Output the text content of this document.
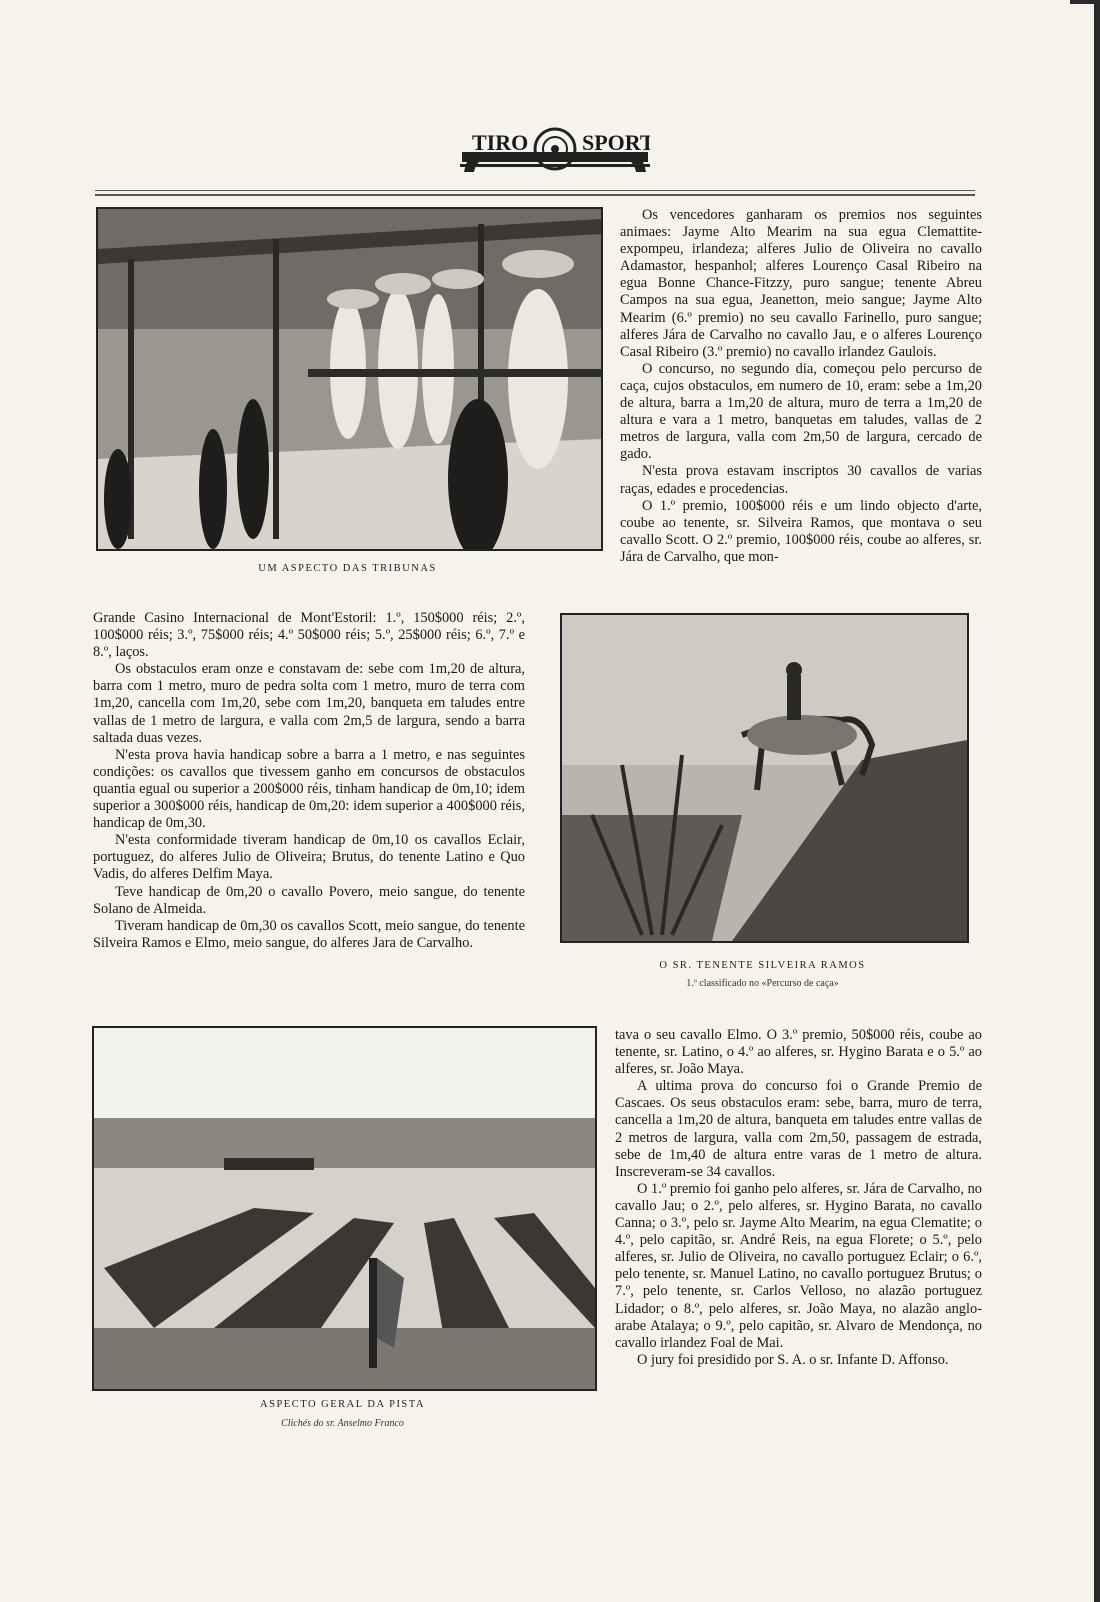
TIRO SPORT
UM ASPECTO DAS TRIBUNAS

Os vencedores ganharam os premios nos seguintes animaes: Jayme Alto Mearim na sua egua Clemattite-expompeu, irlandeza; alferes Julio de Oliveira no cavallo Adamastor, hespanhol; alferes Lourenço Casal Ribeiro na egua Bonne Chance-Fitzzy, puro sangue; tenente Abreu Campos na sua egua, Jeanetton, meio sangue; Jayme Alto Mearim (6.º premio) no seu cavallo Farinello, puro sangue; alferes Jára de Carvalho no cavallo Jau, e o alferes Lourenço Casal Ribeiro (3.º premio) no cavallo irlandez Gaulois.

O concurso, no segundo dia, começou pelo percurso de caça, cujos obstaculos, em numero de 10, eram: sebe a 1m,20 de altura, barra a 1m,20 de altura, muro de terra a 1m,20 de altura e vara a 1 metro, banquetas em taludes, vallas de 2 metros de largura, valla com 2m,50 de largura, cercado de gado.

N'esta prova estavam inscriptos 30 cavallos de varias raças, edades e procedencias.

O 1.º premio, 100$000 réis e um lindo objecto d'arte, coube ao tenente, sr. Silveira Ramos, que montava o seu cavallo Scott. O 2.º premio, 100$000 réis, coube ao alferes, sr. Jára de Carvalho, que mon-

Grande Casino Internacional de Mont'Estoril: 1.º, 150$000 réis; 2.º, 100$000 réis; 3.º, 75$000 réis; 4.º 50$000 réis; 5.º, 25$000 réis; 6.º, 7.º e 8.º, laços.

Os obstaculos eram onze e constavam de: sebe com 1m,20 de altura, barra com 1 metro, muro de pedra solta com 1 metro, muro de terra com 1m,20, cancella com 1m,20, sebe com 1m,20, banqueta em taludes entre vallas de 1 metro de largura, e valla com 2m,5 de largura, sendo a barra saltada duas vezes.

N'esta prova havia handicap sobre a barra a 1 metro, e nas seguintes condições: os cavallos que tivessem ganho em concursos de obstaculos quantia egual ou superior a 200$000 réis, tinham handicap de 0m,10; idem superior a 300$000 réis, handicap de 0m,20: idem superior a 400$000 réis, handicap de 0m,30.

N'esta conformidade tiveram handicap de 0m,10 os cavallos Eclair, portuguez, do alferes Julio de Oliveira; Brutus, do tenente Latino e Quo Vadis, do alferes Delfim Maya.

Teve handicap de 0m,20 o cavallo Povero, meio sangue, do tenente Solano de Almeida.

Tiveram handicap de 0m,30 os cavallos Scott, meio sangue, do tenente Silveira Ramos e Elmo, meio sangue, do alferes Jara de Carvalho.

O SR. TENENTE SILVEIRA RAMOS
1.º classificado no «Percurso de caça»
ASPECTO GERAL DA PISTA
Clichés do sr. Anselmo Franco

tava o seu cavallo Elmo. O 3.º premio, 50$000 réis, coube ao tenente, sr. Latino, o 4.º ao alferes, sr. Hygino Barata e o 5.º ao alferes, sr. João Maya.

A ultima prova do concurso foi o Grande Premio de Cascaes. Os seus obstaculos eram: sebe, barra, muro de terra, cancella a 1m,20 de altura, banqueta em taludes entre vallas de 2 metros de largura, valla com 2m,50, passagem de estrada, sebe de 1m,40 de altura entre varas de 1 metro de altura. Inscreveram-se 34 cavallos.

O 1.º premio foi ganho pelo alferes, sr. Jára de Carvalho, no cavallo Jau; o 2.º, pelo alferes, sr. Hygino Barata, no cavallo Canna; o 3.º, pelo sr. Jayme Alto Mearim, na egua Clematite; o 4.º, pelo capitão, sr. André Reis, na egua Florete; o 5.º, pelo alferes, sr. Julio de Oliveira, no cavallo portuguez Eclair; o 6.º, pelo tenente, sr. Manuel Latino, no cavallo portuguez Brutus; o 7.º, pelo tenente, sr. Carlos Velloso, no alazão portuguez Lidador; o 8.º, pelo alferes, sr. João Maya, no alazão anglo-arabe Atalaya; o 9.º, pelo capitão, sr. Alvaro de Mendonça, no cavallo irlandez Foal de Mai.

O jury foi presidido por S. A. o sr. Infante D. Affonso.
